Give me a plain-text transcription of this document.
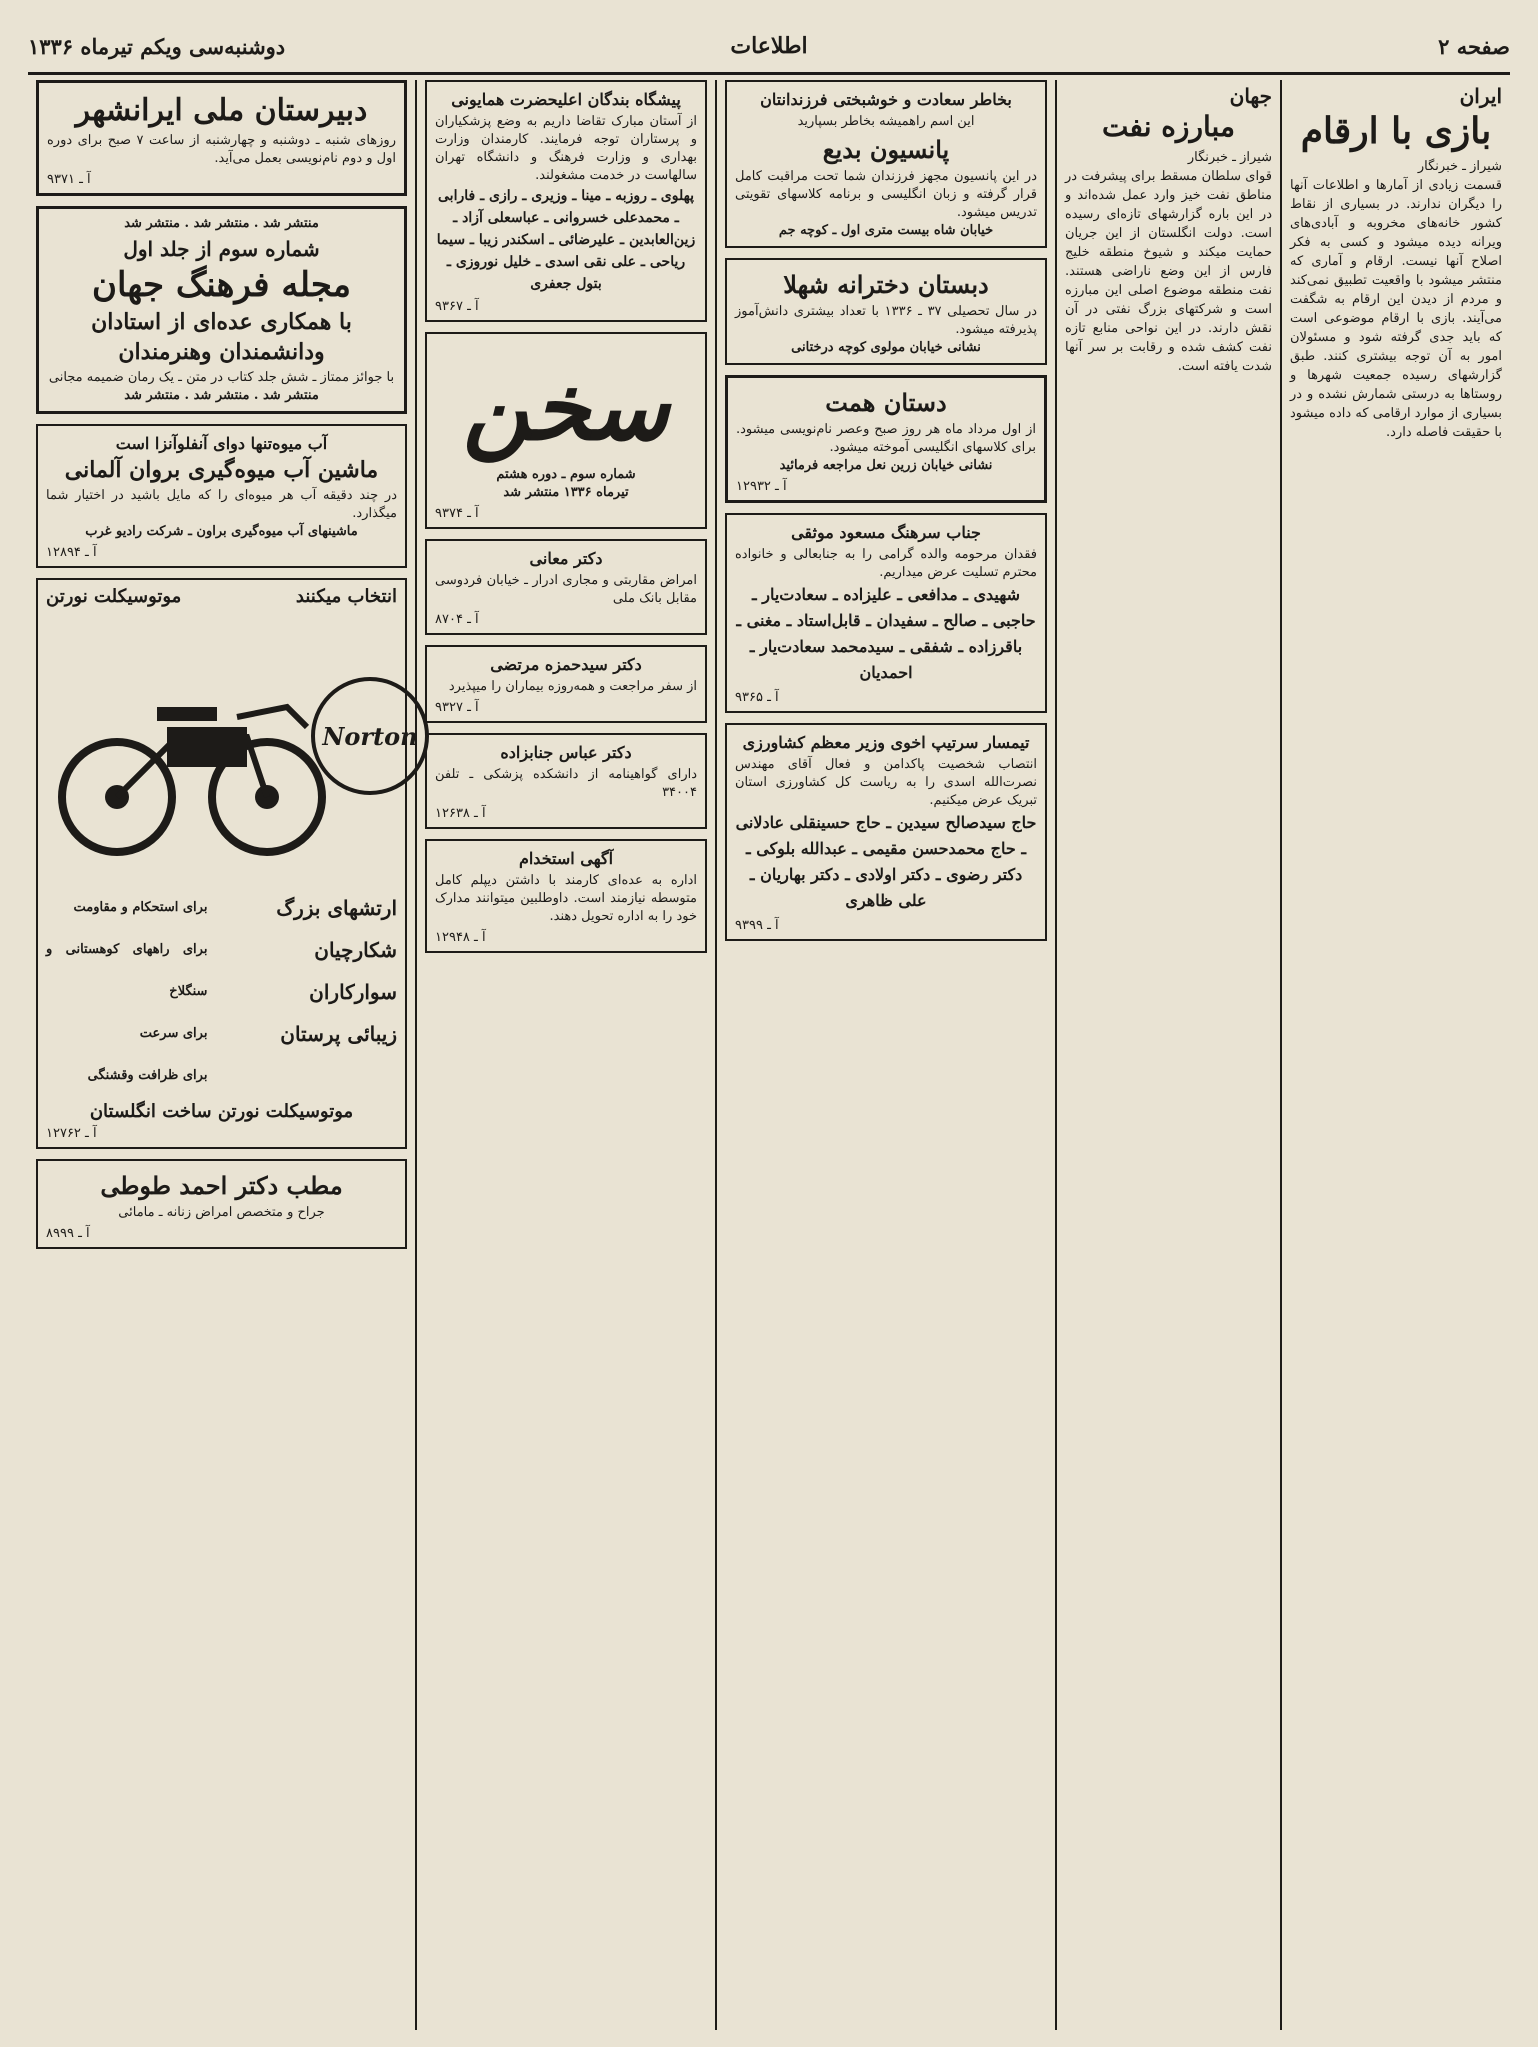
صفحه ۲
اطلاعات
دوشنبه‌سی ویکم تیرماه ۱۳۳۶
ایران
بازی با ارقام
شیراز ـ خبرنگار
قسمت زیادی از آمارها و اطلاعات آنها را دیگران ندارند. در بسیاری از نقاط کشور خانه‌های مخروبه و آبادی‌های ویرانه دیده میشود و کسی به فکر اصلاح آنها نیست. ارقام و آماری که منتشر میشود با واقعیت تطبیق نمی‌کند و مردم از دیدن این ارقام به شگفت می‌آیند. بازی با ارقام موضوعی است که باید جدی گرفته شود و مسئولان امور به آن توجه بیشتری کنند. طبق گزارشهای رسیده جمعیت شهرها و روستاها به درستی شمارش نشده و در بسیاری از موارد ارقامی که داده میشود با حقیقت فاصله دارد.
جهان
مبارزه نفت
شیراز ـ خبرنگار
قوای سلطان مسقط برای پیشرفت در مناطق نفت خیز وارد عمل شده‌اند و در این باره گزارشهای تازه‌ای رسیده است. دولت انگلستان از این جریان حمایت میکند و شیوخ منطقه خلیج فارس از این وضع ناراضی هستند. نفت منطقه موضوع اصلی این مبارزه است و شرکتهای بزرگ نفتی در آن نقش دارند. در این نواحی منابع تازه نفت کشف شده و رقابت بر سر آنها شدت یافته است.
بخاطر سعادت و خوشبختی فرزندانتان
این اسم راهمیشه بخاطر بسپارید
پانسیون بدیع
در این پانسیون مجهز فرزندان شما تحت مراقبت کامل قرار گرفته و زبان انگلیسی و برنامه کلاسهای تقویتی تدریس میشود.
خیابان شاه بیست متری اول ـ کوچه جم
دبستان دخترانه شهلا
در سال تحصیلی ۳۷ ـ ۱۳۳۶ با تعداد بیشتری دانش‌آموز پذیرفته میشود.
نشانی خیابان مولوی کوچه درختانی
دستان همت
از اول مرداد ماه هر روز صبح وعصر نام‌نویسی میشود. برای کلاسهای انگلیسی آموخته میشود.
نشانی خیابان زرین نعل مراجعه فرمائید
آ ـ ۱۲۹۳۲
جناب سرهنگ مسعود موثقی
فقدان مرحومه والده گرامی را به جنابعالی و خانواده محترم تسلیت عرض میداریم.
شهیدی ـ مدافعی ـ علیزاده ـ سعادت‌یار ـ حاجبی ـ صالح ـ سفیدان ـ قابل‌استاد ـ مغنی ـ باقرزاده ـ شفقی ـ سیدمحمد سعادت‌یار ـ احمدیان
آ ـ ۹۳۶۵
تیمسار سرتیپ اخوی وزیر معظم کشاورزی
انتصاب شخصیت پاکدامن و فعال آقای مهندس نصرت‌الله اسدی را به ریاست کل کشاورزی استان تبریک عرض میکنیم.
حاج سیدصالح سیدین ـ حاج حسینقلی عادلانی ـ حاج محمدحسن مقیمی ـ عبدالله بلوکی ـ دکتر رضوی ـ دکتر اولادی ـ دکتر بهاریان ـ علی ظاهری
آ ـ ۹۳۹۹
پیشگاه بندگان اعلیحضرت همایونی
از آستان مبارک تقاضا داریم به وضع پزشکیاران و پرستاران توجه فرمایند. کارمندان وزارت بهداری و وزارت فرهنگ و دانشگاه تهران سالهاست در خدمت مشغولند.
پهلوی ـ روزبه ـ مینا ـ وزیری ـ رازی ـ فارابی ـ محمدعلی خسروانی ـ عباسعلی آزاد ـ زین‌العابدین ـ علیرضائی ـ اسکندر زیبا ـ سیما ریاحی ـ علی نقی اسدی ـ خلیل نوروزی ـ بتول جعفری
آ ـ ۹۳۶۷
سخن
شماره سوم ـ دوره هشتم
تیرماه ۱۳۳۶ منتشر شد
آ ـ ۹۳۷۴
دکتر معانی
امراض مقاربتی و مجاری ادرار ـ خیابان فردوسی مقابل بانک ملی
آ ـ ۸۷۰۴
دکتر سیدحمزه مرتضی
از سفر مراجعت و همه‌روزه بیماران را میپذیرد
آ ـ ۹۳۲۷
دکتر عباس جنابزاده
دارای گواهینامه از دانشکده پزشکی ـ تلفن ۳۴۰۰۴
آ ـ ۱۲۶۳۸
آگهی استخدام
اداره به عده‌ای کارمند با داشتن دیپلم کامل متوسطه نیازمند است. داوطلبین میتوانند مدارک خود را به اداره تحویل دهند.
آ ـ ۱۲۹۴۸
دبیرستان ملی ایرانشهر
روزهای شنبه ـ دوشنبه و چهارشنبه از ساعت ۷ صبح برای دوره اول و دوم نام‌نویسی بعمل می‌آید.
آ ـ ۹۳۷۱
منتشر شد . منتشر شد . منتشر شد
شماره سوم از جلد اول
مجله فرهنگ جهان
با همکاری عده‌ای از استادان
ودانشمندان وهنرمندان
با جوائز ممتاز ـ شش جلد کتاب در متن ـ یک رمان ضمیمه مجانی
منتشر شد . منتشر شد . منتشر شد
آب میوه‌تنها دوای آنفلوآنزا است
ماشین آب میوه‌گیری بروان آلمانی
در چند دقیقه آب هر میوه‌ای را که مایل باشید در اختیار شما میگذارد.
ماشینهای آب میوه‌گیری براون ـ شرکت رادیو غرب
آ ـ ۱۲۸۹۴
انتخاب میکنند
موتوسیکلت نورتن
Norton
ارتشهای بزرگ
شکارچیان
سوارکاران
زیبائی پرستان
برای استحکام و مقاومت
برای راههای کوهستانی و سنگلاخ
برای سرعت
برای ظرافت وقشنگی
موتوسیکلت نورتن ساخت انگلستان
آ ـ ۱۲۷۶۲
مطب دکتر احمد طوطی
جراح و متخصص امراض زنانه ـ مامائی
آ ـ ۸۹۹۹
